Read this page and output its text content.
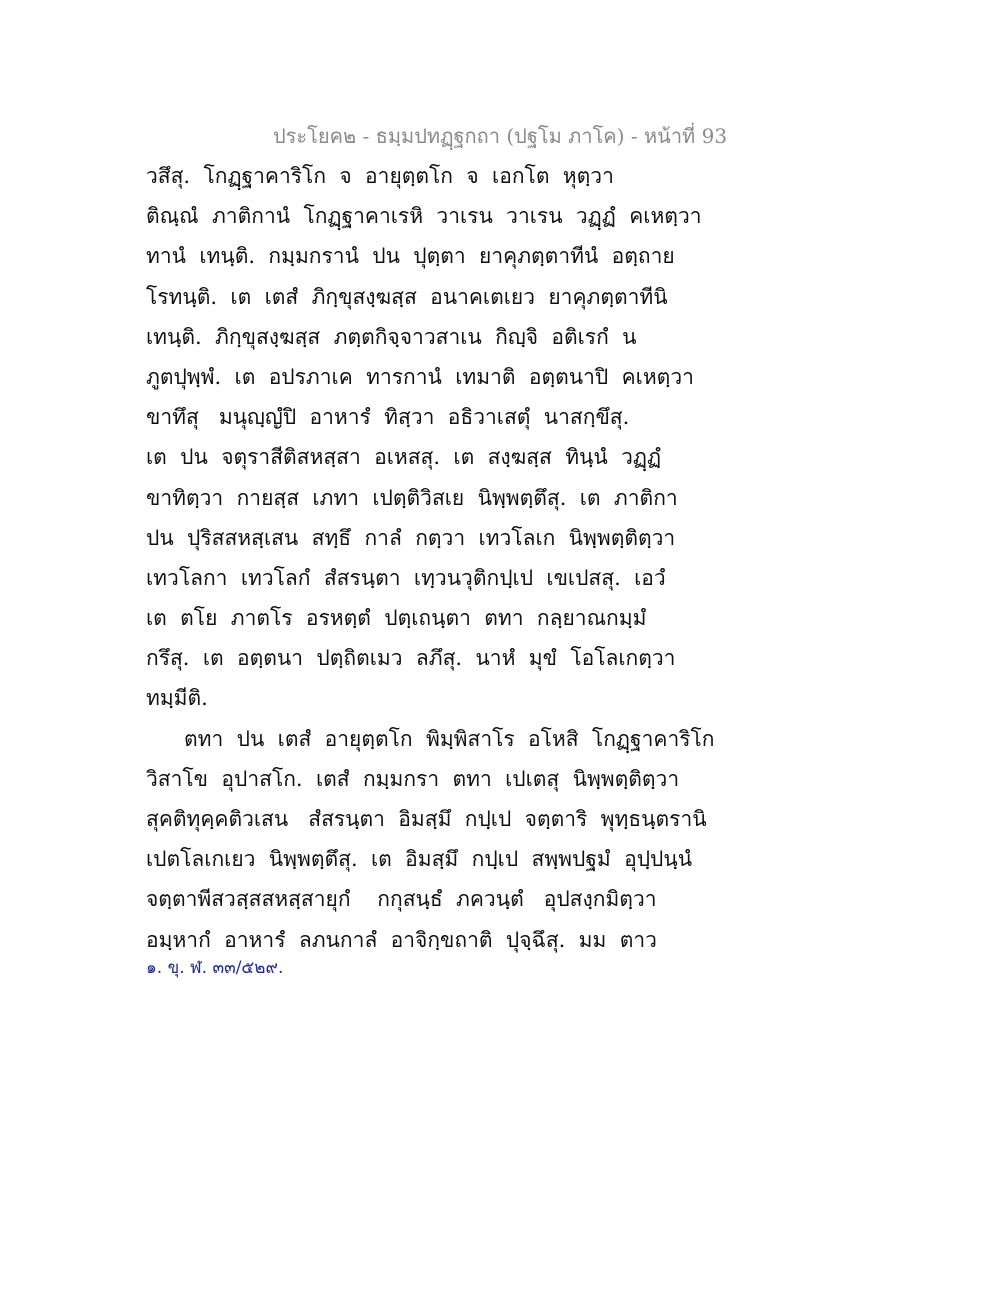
ประโยค๒ - ธมฺมปทฏฺฐกถา (ปฐโม ภาโค) - หน้าที่ 93
วสึสุ.  โกฏฺฐาคาริโก  จ  อายุตฺตโก  จ  เอกโต  หุตฺวา
ติณฺณํ  ภาติกานํ  โกฏฺฐาคาเรหิ  วาเรน  วาเรน  วฏฺฏํ  คเหตฺวา
ทานํ  เทนฺติ.  กมฺมกรานํ  ปน  ปุตฺตา  ยาคุภตฺตาทีนํ  อตฺถาย
โรทนฺติ.  เต  เตสํ  ภิกฺขุสงฺฆสฺส  อนาคเตเยว  ยาคุภตฺตาทีนิ
เทนฺติ.  ภิกฺขุสงฺฆสฺส  ภตฺตกิจฺจาวสาเน  กิญฺจิ  อติเรกํ  น
ภูตปุพฺพํ.  เต  อปรภาเค  ทารกานํ  เทมาติ  อตฺตนาปิ  คเหตฺวา
ขาทึสุ   มนุญฺญํปิ  อาหารํ  ทิสฺวา  อธิวาเสตุํ  นาสกฺขึสุ.
เต  ปน  จตุราสีติสหสฺสา  อเหสสุ.  เต  สงฺฆสฺส  ทินฺนํ  วฏฺฏํ
ขาทิตฺวา  กายสฺส  เภทา  เปตฺติวิสเย  นิพฺพตฺตึสุ.  เต  ภาติกา
ปน  ปุริสสหสฺเสน  สทฺธึ  กาลํ  กตฺวา  เทวโลเก  นิพฺพตฺติตฺวา
เทวโลกา  เทวโลกํ  สํสรนฺตา  เทฺวนวุติกปฺเป  เขเปสสุ.  เอวํ
เต  ตโย  ภาตโร  อรหตฺตํ  ปตฺเถนฺตา  ตทา  กลฺยาณกมฺมํ
กรึสุ.  เต  อตฺตนา  ปตฺถิตเมว  ลภึสุ.  นาหํ  มุขํ  โอโลเกตฺวา
ทมฺมีติ.
ตทา  ปน  เตสํ  อายุตฺตโก  พิมฺพิสาโร  อโหสิ  โกฏฺฐาคาริโก
วิสาโข  อุปาสโก.  เตสํ  กมฺมกรา  ตทา  เปเตสุ  นิพฺพตฺติตฺวา
สุคติทุคฺคติวเสน   สํสรนฺตา  อิมสฺมึ  กปฺเป  จตฺตาริ  พุทฺธนฺตรานิ
เปตโลเกเยว  นิพฺพตฺตึสุ.  เต  อิมสฺมึ  กปฺเป  สพฺพปฐมํ  อุปฺปนฺนํ
จตฺตาพีสวสฺสสหสฺสายุกํ    กกุสนฺธํ  ภควนฺตํ   อุปสงฺกมิตฺวา
อมฺหากํ  อาหารํ  ลภนกาลํ  อาจิกฺขถาติ  ปุจฺฉึสุ.  มม  ตาว
๑. ขุ. ฬ. ๓๓/๕๒๙.
